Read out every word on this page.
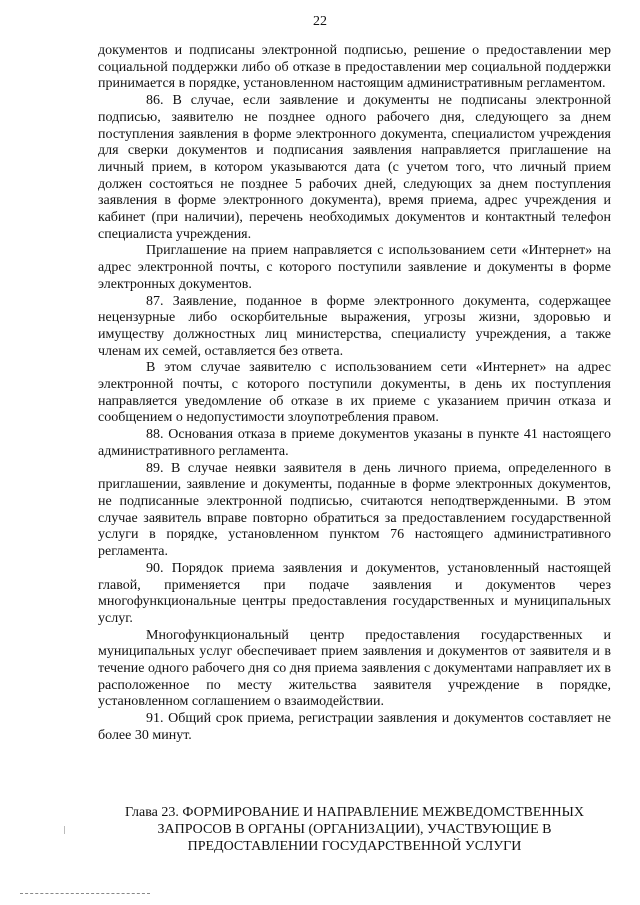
22

документов и подписаны электронной подписью, решение о предоставлении мер социальной поддержки либо об отказе в предоставлении мер социальной поддержки принимается в порядке, установленном настоящим административным регламентом.

86. В случае, если заявление и документы не подписаны электронной подписью, заявителю не позднее одного рабочего дня, следующего за днем поступления заявления в форме электронного документа, специалистом учреждения для сверки документов и подписания заявления направляется приглашение на личный прием, в котором указываются дата (с учетом того, что личный прием должен состояться не позднее 5 рабочих дней, следующих за днем поступления заявления в форме электронного документа), время приема, адрес учреждения и кабинет (при наличии), перечень необходимых документов и контактный телефон специалиста учреждения.

Приглашение на прием направляется с использованием сети «Интернет» на адрес электронной почты, с которого поступили заявление и документы в форме электронных документов.

87. Заявление, поданное в форме электронного документа, содержащее нецензурные либо оскорбительные выражения, угрозы жизни, здоровью и имуществу должностных лиц министерства, специалисту учреждения, а также членам их семей, оставляется без ответа.

В этом случае заявителю с использованием сети «Интернет» на адрес электронной почты, с которого поступили документы, в день их поступления направляется уведомление об отказе в их приеме с указанием причин отказа и сообщением о недопустимости злоупотребления правом.

88. Основания отказа в приеме документов указаны в пункте 41 настоящего административного регламента.

89. В случае неявки заявителя в день личного приема, определенного в приглашении, заявление и документы, поданные в форме электронных документов, не подписанные электронной подписью, считаются неподтвержденными. В этом случае заявитель вправе повторно обратиться за предоставлением государственной услуги в порядке, установленном пунктом 76 настоящего административного регламента.

90. Порядок приема заявления и документов, установленный настоящей главой, применяется при подаче заявления и документов через многофункциональные центры предоставления государственных и муниципальных услуг.

Многофункциональный центр предоставления государственных и муниципальных услуг обеспечивает прием заявления и документов от заявителя и в течение одного рабочего дня со дня приема заявления с документами направляет их в расположенное по месту жительства заявителя учреждение в порядке, установленном соглашением о взаимодействии.

91. Общий срок приема, регистрации заявления и документов составляет не более 30 минут.

Глава 23. ФОРМИРОВАНИЕ И НАПРАВЛЕНИЕ МЕЖВЕДОМСТВЕННЫХ
ЗАПРОСОВ В ОРГАНЫ (ОРГАНИЗАЦИИ), УЧАСТВУЮЩИЕ В
ПРЕДОСТАВЛЕНИИ ГОСУДАРСТВЕННОЙ УСЛУГИ
